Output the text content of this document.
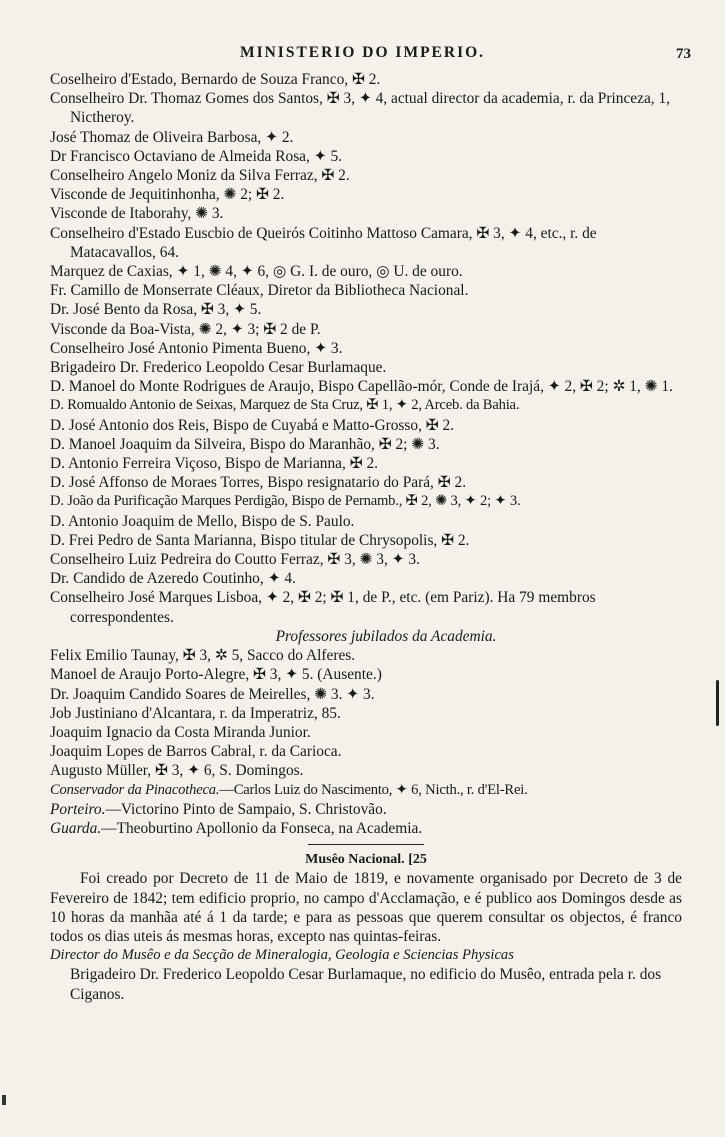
MINISTERIO DO IMPERIO.	73
Coselheiro d'Estado, Bernardo de Souza Franco, ✠ 2.
Conselheiro Dr. Thomaz Gomes dos Santos, ✠ 3, ✦ 4, actual director da academia, r. da Princeza, 1, Nictheroy.
José Thomaz de Oliveira Barbosa, ✦ 2.
Dr Francisco Octaviano de Almeida Rosa, ✦ 5.
Conselheiro Angelo Moniz da Silva Ferraz, ✠ 2.
Visconde de Jequitinhonha, ✺ 2; ✠ 2.
Visconde de Itaborahy, ✺ 3.
Conselheiro d'Estado Euscbio de Queirós Coitinho Mattoso Camara, ✠ 3, ✦ 4, etc., r. de Matacavallos, 64.
Marquez de Caxias, ✦ 1, ✺ 4, ✦ 6, ◎ G. I. de ouro, ◎ U. de ouro.
Fr. Camillo de Monserrate Cléaux, Diretor da Bibliotheca Nacional.
Dr. José Bento da Rosa, ✠ 3, ✦ 5.
Visconde da Boa-Vista, ✺ 2, ✦ 3; ✠ 2 de P.
Conselheiro José Antonio Pimenta Bueno, ✦ 3.
Brigadeiro Dr. Frederico Leopoldo Cesar Burlamaque.
D. Manoel do Monte Rodrigues de Araujo, Bispo Capellão-mór, Conde de Irajá, ✦ 2, ✠ 2; ✲ 1, ✺ 1.
D. Romualdo Antonio de Seixas, Marquez de Sta Cruz, ✠ 1, ✦ 2, Arceb. da Bahia.
D. José Antonio dos Reis, Bispo de Cuyabá e Matto-Grosso, ✠ 2.
D. Manoel Joaquim da Silveira, Bispo do Maranhão, ✠ 2; ✺ 3.
D. Antonio Ferreira Viçoso, Bispo de Marianna, ✠ 2.
D. José Affonso de Moraes Torres, Bispo resignatario do Pará, ✠ 2.
D. João da Purificação Marques Perdigão, Bispo de Pernamb., ✠ 2, ✺ 3, ✦ 2; ✦ 3.
D. Antonio Joaquim de Mello, Bispo de S. Paulo.
D. Frei Pedro de Santa Marianna, Bispo titular de Chrysopolis, ✠ 2.
Conselheiro Luiz Pedreira do Coutto Ferraz, ✠ 3, ✺ 3, ✦ 3.
Dr. Candido de Azeredo Coutinho, ✦ 4.
Conselheiro José Marques Lisboa, ✦ 2, ✠ 2; ✠ 1, de P., etc. (em Pariz). Ha 79 membros correspondentes.
Professores jubilados da Academia.
Felix Emilio Taunay, ✠ 3, ✲ 5, Sacco do Alferes.
Manoel de Araujo Porto-Alegre, ✠ 3, ✦ 5. (Ausente.)
Dr. Joaquim Candido Soares de Meirelles, ✺ 3. ✦ 3.
Job Justiniano d'Alcantara, r. da Imperatriz, 85.
Joaquim Ignacio da Costa Miranda Junior.
Joaquim Lopes de Barros Cabral, r. da Carioca.
Augusto Müller, ✠ 3, ✦ 6, S. Domingos.
Conservador da Pinacotheca.—Carlos Luiz do Nascimento, ✦ 6, Nicth., r. d'El-Rei.
Porteiro.—Victorino Pinto de Sampaio, S. Christovão.
Guarda.—Theoburtino Apollonio da Fonseca, na Academia.
Musêo Nacional. [25
Foi creado por Decreto de 11 de Maio de 1819, e novamente organisado por Decreto de 3 de Fevereiro de 1842; tem edificio proprio, no campo d'Acclamação, e é publico aos Domingos desde as 10 horas da manhãa até á 1 da tarde; e para as pessoas que querem consultar os objectos, é franco todos os dias uteis ás mesmas horas, excepto nas quintas-feiras.
Director do Musêo e da Secção de Mineralogia, Geologia e Sciencias Physicas
Brigadeiro Dr. Frederico Leopoldo Cesar Burlamaque, no edificio do Musêo, entrada pela r. dos Ciganos.
